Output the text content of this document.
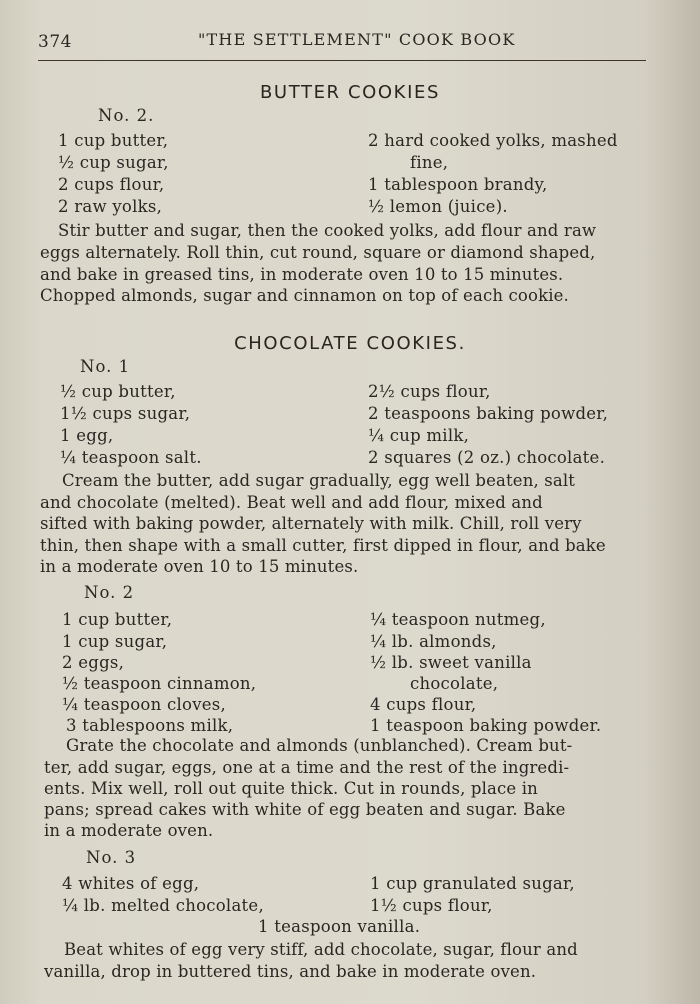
374	"THE SETTLEMENT" COOK BOOK
BUTTER COOKIES
No. 2.
1 cup butter,
½ cup sugar,
2 cups flour,
2 raw yolks,
2 hard cooked yolks, mashed
fine,
1 tablespoon brandy,
½ lemon (juice).
Stir butter and sugar, then the cooked yolks, add flour and raw
eggs alternately. Roll thin, cut round, square or diamond shaped,
and bake in greased tins, in moderate oven 10 to 15 minutes.
Chopped almonds, sugar and cinnamon on top of each cookie.
CHOCOLATE COOKIES.
No. 1
½ cup butter,
1½ cups sugar,
1 egg,
¼ teaspoon salt.
2½ cups flour,
2 teaspoons baking powder,
¼ cup milk,
2 squares (2 oz.) chocolate.
Cream the butter, add sugar gradually, egg well beaten, salt
and chocolate (melted). Beat well and add flour, mixed and
sifted with baking powder, alternately with milk. Chill, roll very
thin, then shape with a small cutter, first dipped in flour, and bake
in a moderate oven 10 to 15 minutes.
No. 2
1 cup butter,
1 cup sugar,
2 eggs,
½ teaspoon cinnamon,
¼ teaspoon cloves,
3 tablespoons milk,
¼ teaspoon nutmeg,
¼ lb. almonds,
½ lb. sweet vanilla
chocolate,
4 cups flour,
1 teaspoon baking powder.
Grate the chocolate and almonds (unblanched). Cream but-
ter, add sugar, eggs, one at a time and the rest of the ingredi-
ents. Mix well, roll out quite thick. Cut in rounds, place in
pans; spread cakes with white of egg beaten and sugar. Bake
in a moderate oven.
No. 3
4 whites of egg,
¼ lb. melted chocolate,
1 cup granulated sugar,
1½ cups flour,
1 teaspoon vanilla.
Beat whites of egg very stiff, add chocolate, sugar, flour and
vanilla, drop in buttered tins, and bake in moderate oven.
